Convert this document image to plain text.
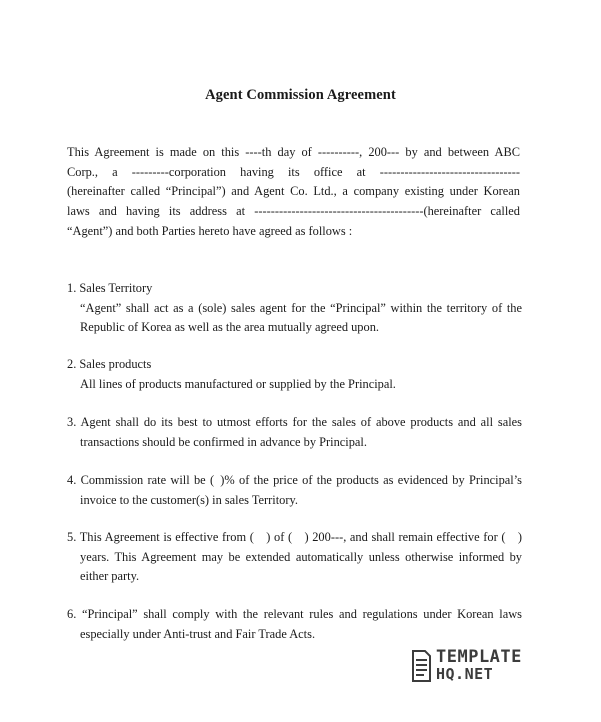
Agent Commission Agreement
This Agreement is made on this ----th day of ----------, 200--- by and between ABC
Corp., a ---------corporation having its office at ----------------------------------
(hereinafter called “Principal”) and Agent Co. Ltd., a company existing under Korean
laws and having its address at -----------------------------------------(hereinafter called
“Agent”) and both Parties hereto have agreed as follows :
1. Sales Territory
“Agent” shall act as a (sole) sales agent for the “Principal” within the territory of the
Republic of Korea as well as the area mutually agreed upon.
2. Sales products
All lines of products manufactured or supplied by the Principal.
3. Agent shall do its best to utmost efforts for the sales of above products and all sales
transactions should be confirmed in advance by Principal.
4. Commission rate will be ( )% of the price of the products as evidenced by Principal’s
invoice to the customer(s) in sales Territory.
5. This Agreement is effective from ( ) of ( ) 200---, and shall remain effective for ( )
years. This Agreement may be extended automatically unless otherwise informed by
either party.
6. “Principal” shall comply with the relevant rules and regulations under Korean laws
especially under Anti-trust and Fair Trade Acts.
TEMPLATE
HQ.NET
